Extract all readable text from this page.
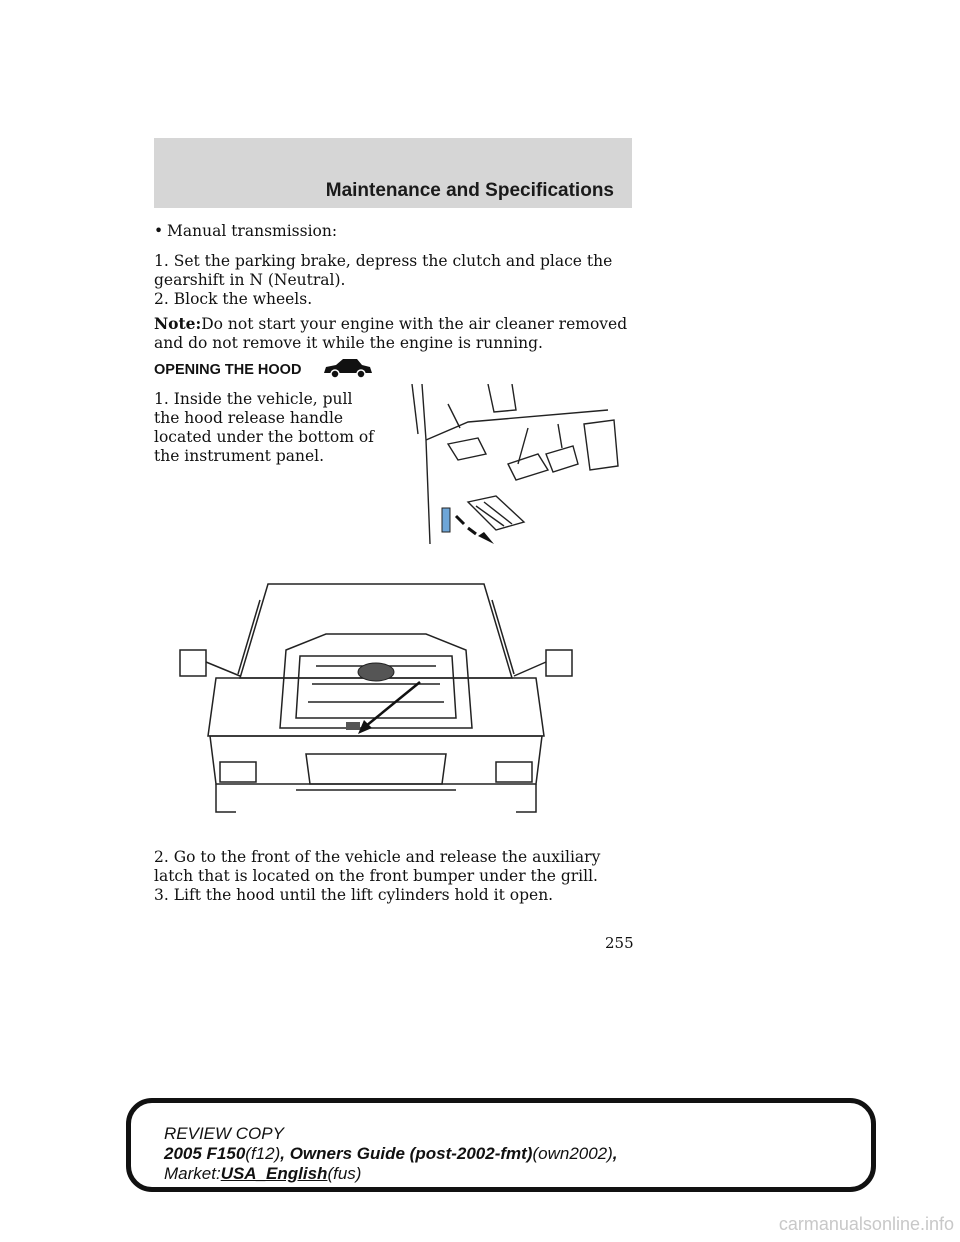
Maintenance and Specifications

• Manual transmission:

1. Set the parking brake, depress the clutch and place the gearshift in N (Neutral).

2. Block the wheels.

Note:Do not start your engine with the air cleaner removed and do not remove it while the engine is running.

OPENING THE HOOD

1. Inside the vehicle, pull the hood release handle located under the bottom of the instrument panel.

2. Go to the front of the vehicle and release the auxiliary latch that is located on the front bumper under the grill.

3. Lift the hood until the lift cylinders hold it open.

255
REVIEW COPY
2005 F150(f12), Owners Guide (post-2002-fmt)(own2002),
Market:USA_English(fus)
carmanualsonline.info
